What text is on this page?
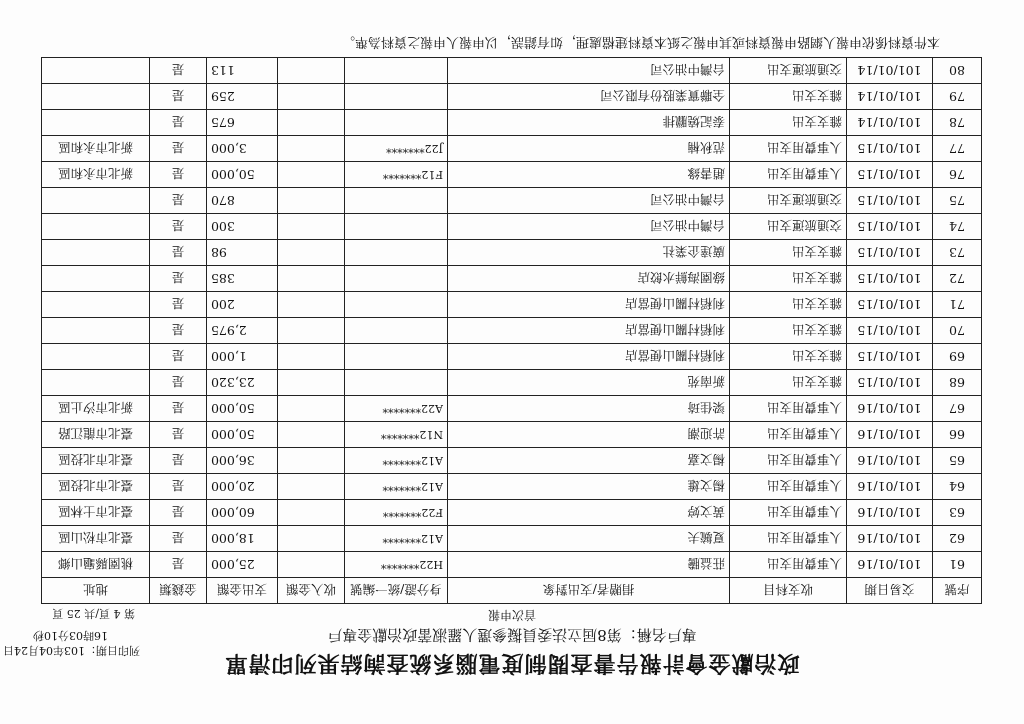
政治獻金會計報告書查閱制度電腦系統查詢結果列印清單
專戶名稱：第8屆立法委員擬參選人羅淑蕾政治獻金專戶
首次申報
列印日期：103年04月24日
16時03分10秒
第 4 頁/共 25 頁
序號	交易日期	收支科目	捐贈者/支出對象	身分證/統一編號	收入金額	支出金額	金錢類	地址
61	101/01/16	人事費用支出	莊益騰	H22*******		25,000	是	桃園縣龜山鄉
62	101/01/16	人事費用支出	夏毓夫	A12*******		18,000	是	臺北市松山區
63	101/01/16	人事費用支出	黃文婷	F22*******		60,000	是	臺北市士林區
64	101/01/16	人事費用支出	楊文雄	A12*******		20,000	是	臺北市北投區
65	101/01/16	人事費用支出	楊文嘉	A12*******		36,000	是	臺北市北投區
66	101/01/16	人事費用支出	許迎潮	N12*******		50,000	是	臺北市龍江路
67	101/01/16	人事費用支出	梁佳琦	A22*******		50,000	是	新北市汐止區
68	101/01/15	雜支支出	新南苑			23,320	是	
69	101/01/15	雜支支出	利稻村關山便當店			1,000	是	
70	101/01/15	雜支支出	利稻村關山便當店			2,975	是	
71	101/01/15	雜支支出	利稻村關山便當店			200	是	
72	101/01/15	雜支支出	綠園海鮮水餃店			385	是	
73	101/01/15	雜支支出	廣達企業社			98	是	
74	101/01/15	交通旅運支出	台灣中油公司			300	是	
75	101/01/15	交通旅運支出	台灣中油公司			870	是	
76	101/01/15	人事費用支出	趙書緣	F12*******		50,000	是	新北市永和區
77	101/01/15	人事費用支出	范秋楠	J22*******		3,000	是	新北市永和區
78	101/01/14	雜支支出	泰記燒臘排			675	是	
79	101/01/14	雜支支出	全聯實業股份有限公司			259	是	
80	101/01/14	交通旅運支出	台灣中油公司			113	是	
本件資料係依申報人網路申報資料或其申報之紙本資料建檔處理，如有錯誤，以申報人申報之資料為準。
